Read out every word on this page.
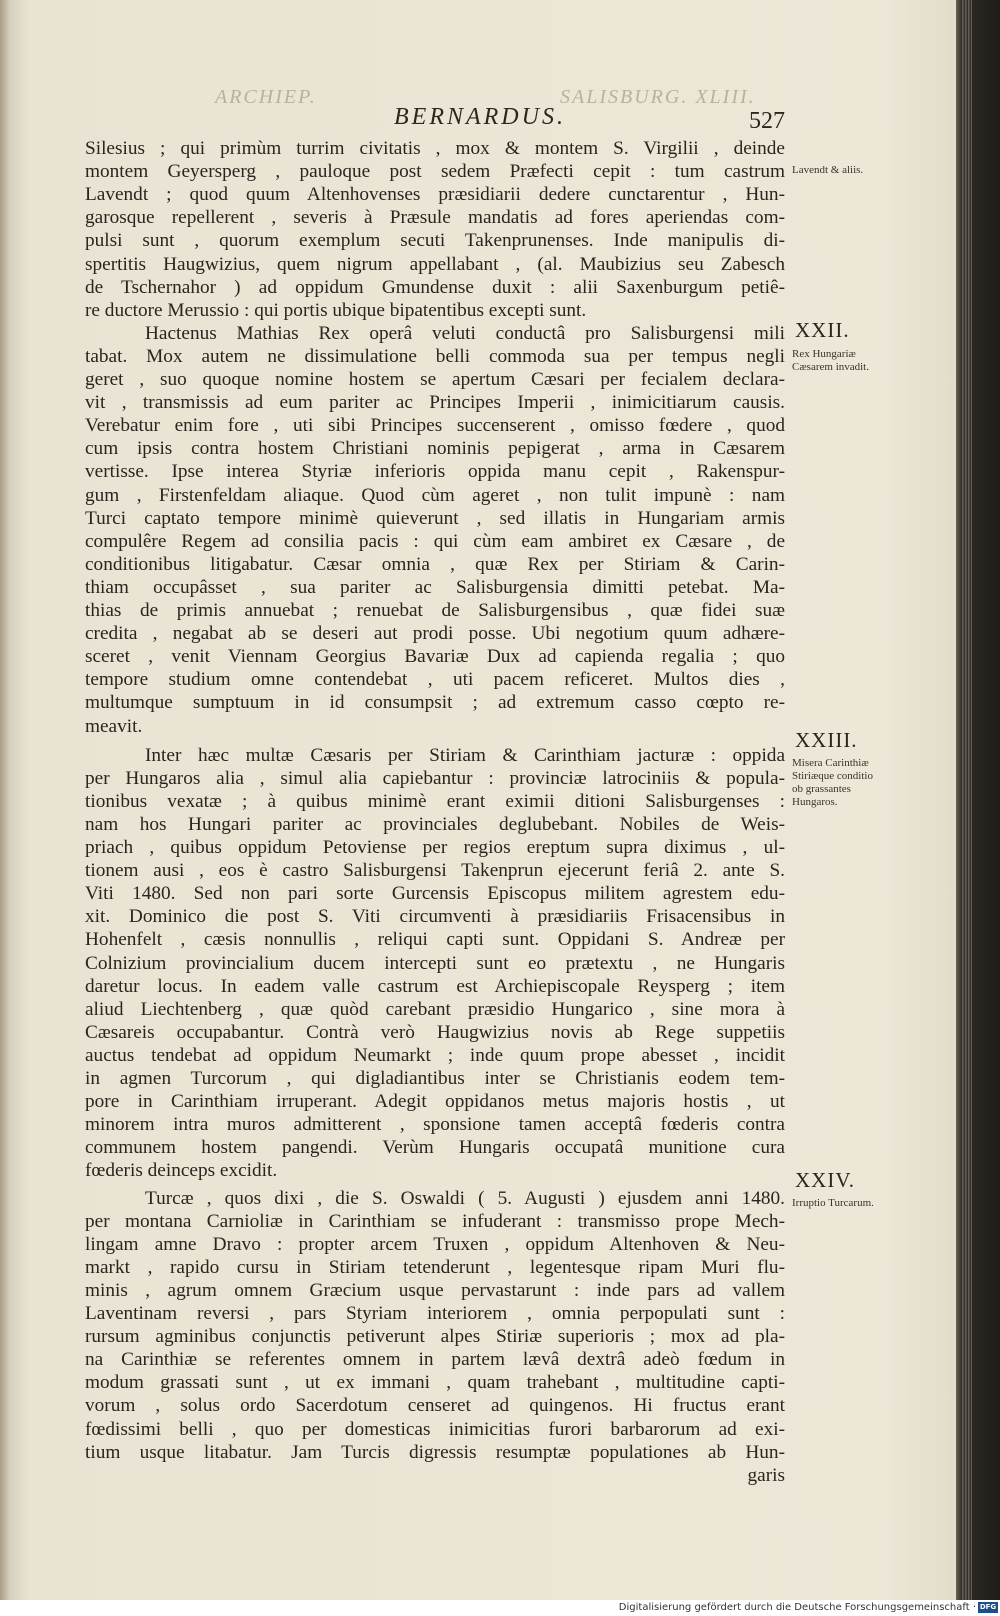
ARCHIEP.	SALISBURG. XLIII.
BERNARDUS.	527
Silesius ; qui primùm turrim civitatis , mox & montem S. Virgilii , deinde
montem Geyersperg , pauloque post sedem Præfecti cepit : tum castrum
Lavendt ; quod quum Altenhovenses præsidiarii dedere cunctarentur , Hun-
garosque repellerent , severis à Præsule mandatis ad fores aperiendas com-
pulsi sunt , quorum exemplum secuti Takenprunenses. Inde manipulis di-
spertitis Haugwizius, quem nigrum appellabant , (al. Maubizius seu Zabesch
de Tschernahor ) ad oppidum Gmundense duxit : alii Saxenburgum petiê-
re ductore Merussio : qui portis ubique bipatentibus excepti sunt.
Hactenus Mathias Rex operâ veluti conductâ pro Salisburgensi mili
tabat. Mox autem ne dissimulatione belli commoda sua per tempus negli
geret , suo quoque nomine hostem se apertum Cæsari per fecialem declara-
vit , transmissis ad eum pariter ac Principes Imperii , inimicitiarum causis.
Verebatur enim fore , uti sibi Principes succenserent , omisso fœdere , quod
cum ipsis contra hostem Christiani nominis pepigerat , arma in Cæsarem
vertisse. Ipse interea Styriæ inferioris oppida manu cepit , Rakenspur-
gum , Firstenfeldam aliaque. Quod cùm ageret , non tulit impunè : nam
Turci captato tempore minimè quieverunt , sed illatis in Hungariam armis
compulêre Regem ad consilia pacis : qui cùm eam ambiret ex Cæsare , de
conditionibus litigabatur. Cæsar omnia , quæ Rex per Stiriam & Carin-
thiam occupâsset , sua pariter ac Salisburgensia dimitti petebat. Ma-
thias de primis annuebat ; renuebat de Salisburgensibus , quæ fidei suæ
credita , negabat ab se deseri aut prodi posse. Ubi negotium quum adhære-
sceret , venit Viennam Georgius Bavariæ Dux ad capienda regalia ; quo
tempore studium omne contendebat , uti pacem reficeret. Multos dies ,
multumque sumptuum in id consumpsit ; ad extremum casso cœpto re-
meavit.
Inter hæc multæ Cæsaris per Stiriam & Carinthiam jacturæ : oppida
per Hungaros alia , simul alia capiebantur : provinciæ latrociniis & popula-
tionibus vexatæ ; à quibus minimè erant eximii ditioni Salisburgenses :
nam hos Hungari pariter ac provinciales deglubebant. Nobiles de Weis-
priach , quibus oppidum Petoviense per regios ereptum supra diximus , ul-
tionem ausi , eos è castro Salisburgensi Takenprun ejecerunt feriâ 2. ante S.
Viti 1480. Sed non pari sorte Gurcensis Episcopus militem agrestem edu-
xit. Dominico die post S. Viti circumventi à præsidiariis Frisacensibus in
Hohenfelt , cæsis nonnullis , reliqui capti sunt. Oppidani S. Andreæ per
Colnizium provincialium ducem intercepti sunt eo prætextu , ne Hungaris
daretur locus. In eadem valle castrum est Archiepiscopale Reysperg ; item
aliud Liechtenberg , quæ quòd carebant præsidio Hungarico , sine mora à
Cæsareis occupabantur. Contrà verò Haugwizius novis ab Rege suppetiis
auctus tendebat ad oppidum Neumarkt ; inde quum prope abesset , incidit
in agmen Turcorum , qui digladiantibus inter se Christianis eodem tem-
pore in Carinthiam irruperant. Adegit oppidanos metus majoris hostis , ut
minorem intra muros admitterent , sponsione tamen acceptâ fœderis contra
communem hostem pangendi. Verùm Hungaris occupatâ munitione cura
fœderis deinceps excidit.
Turcæ , quos dixi , die S. Oswaldi ( 5. Augusti ) ejusdem anni 1480.
per montana Carnioliæ in Carinthiam se infuderant : transmisso prope Mech-
lingam amne Dravo : propter arcem Truxen , oppidum Altenhoven & Neu-
markt , rapido cursu in Stiriam tetenderunt , legentesque ripam Muri flu-
minis , agrum omnem Græcium usque pervastarunt : inde pars ad vallem
Laventinam reversi , pars Styriam interiorem , omnia perpopulati sunt :
rursum agminibus conjunctis petiverunt alpes Stiriæ superioris ; mox ad pla-
na Carinthiæ se referentes omnem in partem lævâ dextrâ adeò fœdum in
modum grassati sunt , ut ex immani , quam trahebant , multitudine capti-
vorum , solus ordo Sacerdotum censeret ad quingenos. Hi fructus erant
fœdissimi belli , quo per domesticas inimicitias furori barbarorum ad exi-
tium usque litabatur. Jam Turcis digressis resumptæ populationes ab Hun-
garis
Lavendt & aliis.
XXII.
Rex Hungariæ Cæsarem invadit.
XXIII.
Misera Carinthiæ Stiriæque conditio ob grassantes Hungaros.
XXIV.
Irruptio Turcarum.
Digitalisierung gefördert durch die Deutsche Forschungsgemeinschaft · DFG
